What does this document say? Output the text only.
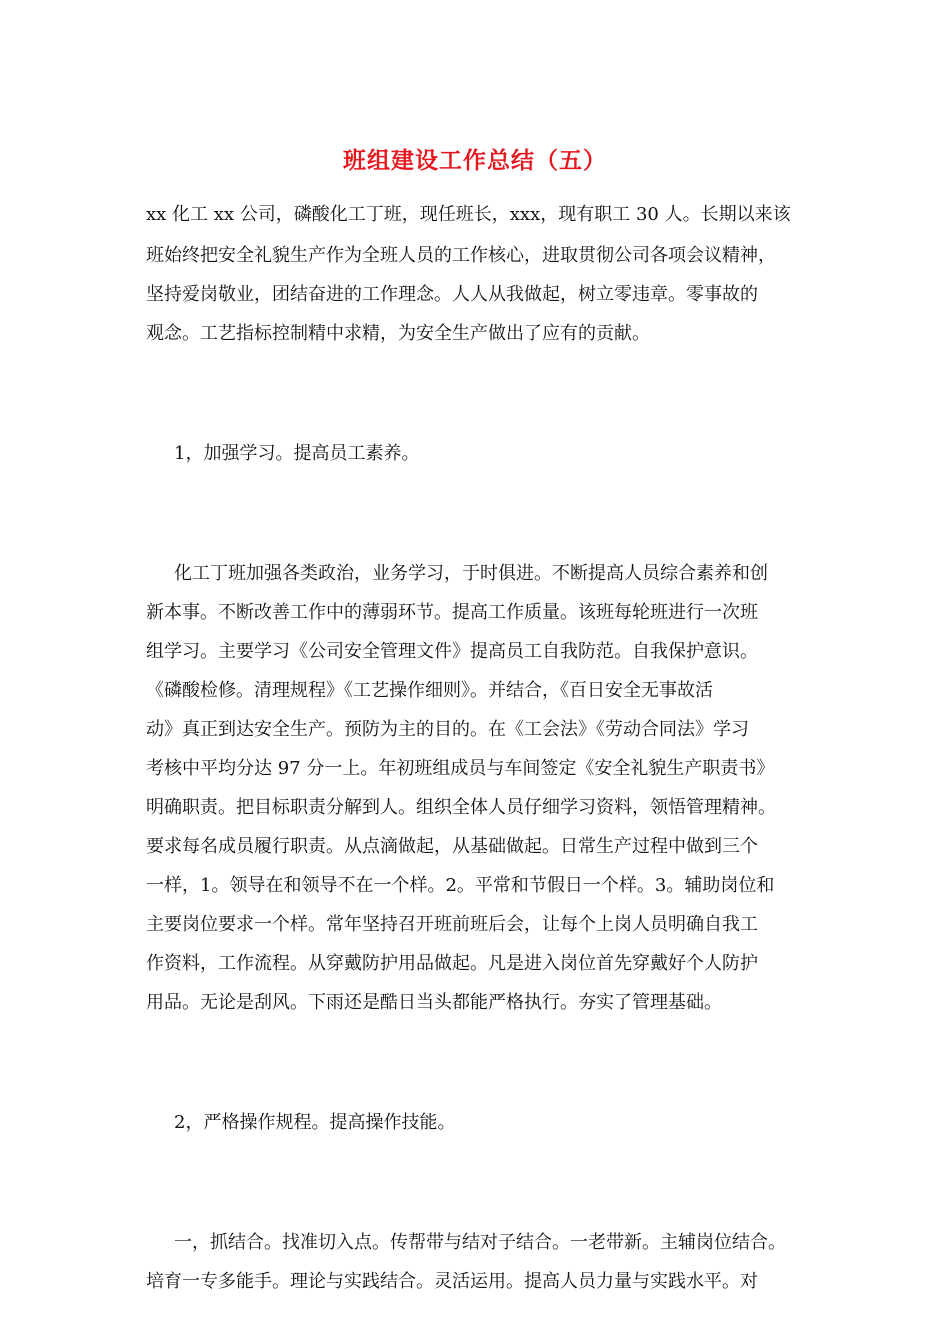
班组建设工作总结（五）
xx 化工 xx 公司，磷酸化工丁班，现任班长，xxx，现有职工 30 人。长期以来该
班始终把安全礼貌生产作为全班人员的工作核心，进取贯彻公司各项会议精神，
坚持爱岗敬业，团结奋进的工作理念。人人从我做起，树立零违章。零事故的
观念。工艺指标控制精中求精，为安全生产做出了应有的贡献。
1，加强学习。提高员工素养。
化工丁班加强各类政治，业务学习，于时俱进。不断提高人员综合素养和创
新本事。不断改善工作中的薄弱环节。提高工作质量。该班每轮班进行一次班
组学习。主要学习《公司安全管理文件》提高员工自我防范。自我保护意识。
《磷酸检修。清理规程》《工艺操作细则》。并结合，《百日安全无事故活
动》真正到达安全生产。预防为主的目的。在《工会法》《劳动合同法》学习
考核中平均分达 97 分一上。年初班组成员与车间签定《安全礼貌生产职责书》
明确职责。把目标职责分解到人。组织全体人员仔细学习资料，领悟管理精神。
要求每名成员履行职责。从点滴做起，从基础做起。日常生产过程中做到三个
一样，1。领导在和领导不在一个样。2。平常和节假日一个样。3。辅助岗位和
主要岗位要求一个样。常年坚持召开班前班后会，让每个上岗人员明确自我工
作资料，工作流程。从穿戴防护用品做起。凡是进入岗位首先穿戴好个人防护
用品。无论是刮风。下雨还是酷日当头都能严格执行。夯实了管理基础。
2，严格操作规程。提高操作技能。
一，抓结合。找准切入点。传帮带与结对子结合。一老带新。主辅岗位结合。
培育一专多能手。理论与实践结合。灵活运用。提高人员力量与实践水平。对
